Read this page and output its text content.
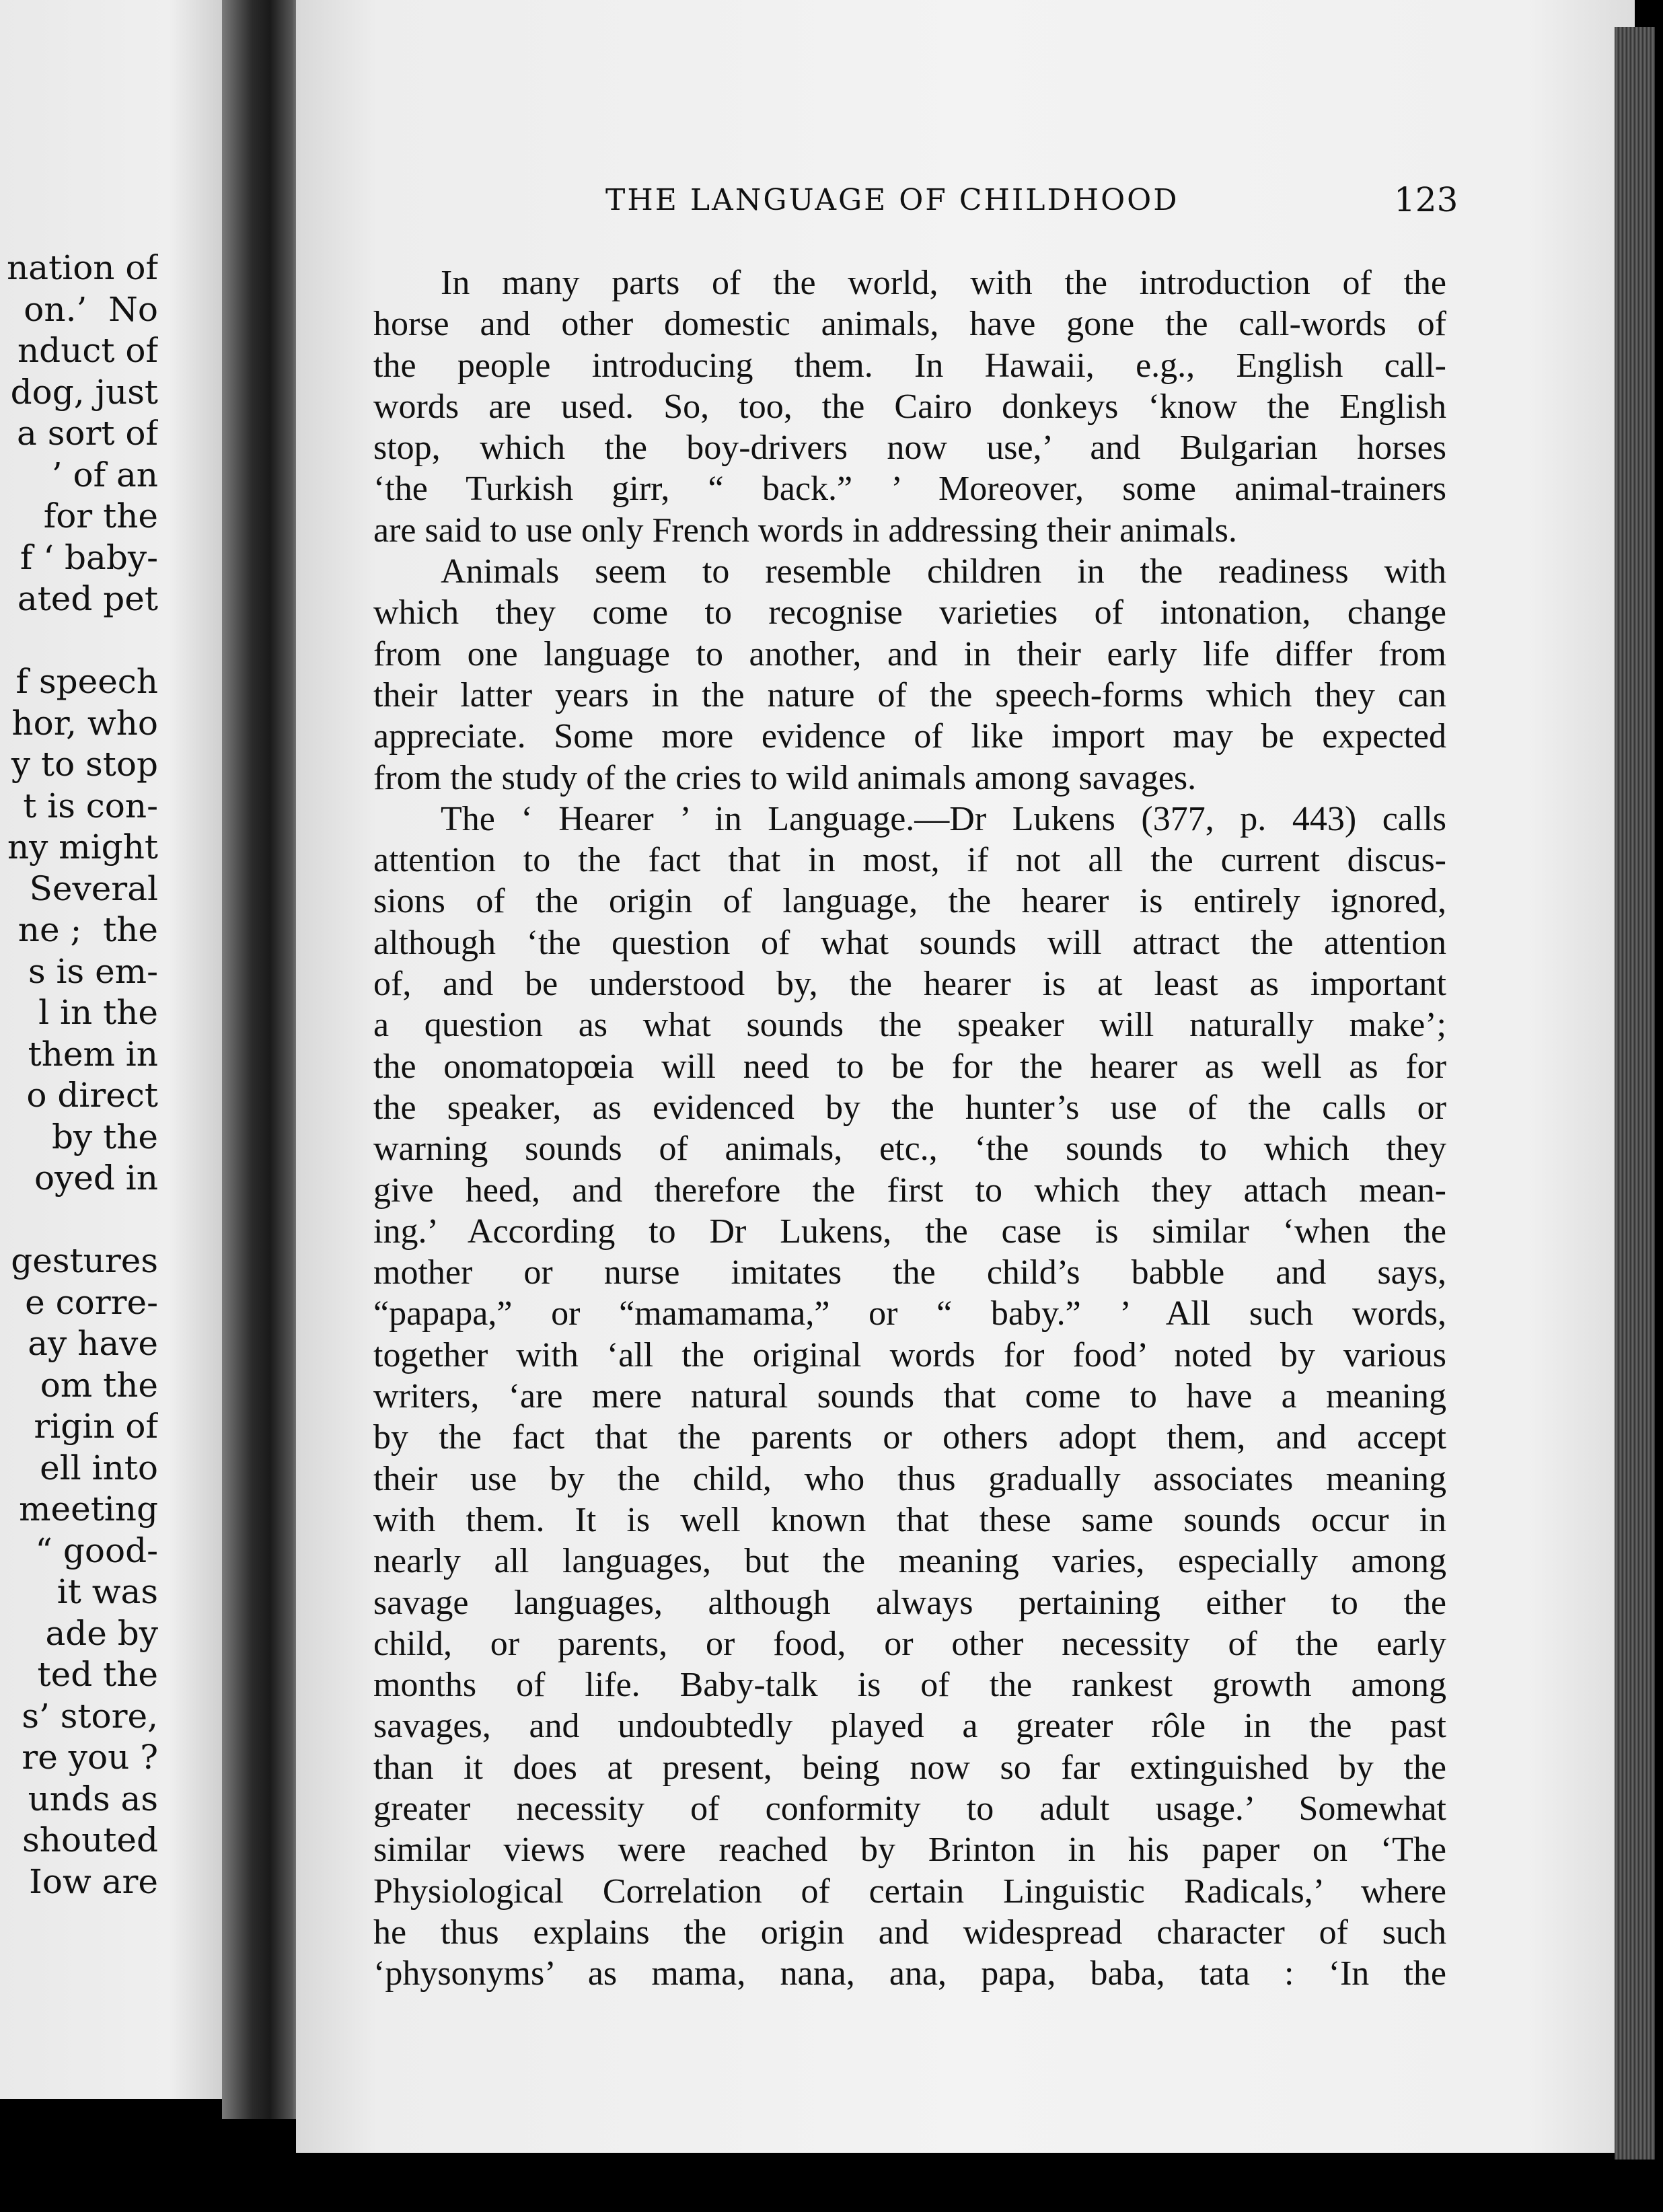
nation of
on.’  No
nduct of
dog, just
a sort of
’ of an
for the
f ‘ baby-
ated pet
f speech
hor, who
y to stop
t is con-
ny might
Several
ne ;  the
s is em-
l in the
them in
o direct
by the
oyed in
gestures
e corre-
ay have
om the
rigin of
ell into
meeting
“ good-
it was
ade by
ted the
s’ store,
re you ?
unds as
shouted
Iow are
THE LANGUAGE OF CHILDHOOD	123
In many parts of the world, with the introduction of the
horse and other domestic animals, have gone the call-words of
the people introducing them. In Hawaii, e.g., English call-
words are used. So, too, the Cairo donkeys ‘know the English
stop, which the boy-drivers now use,’ and Bulgarian horses
‘the Turkish girr, “ back.” ’ Moreover, some animal-trainers
are said to use only French words in addressing their animals.
Animals seem to resemble children in the readiness with
which they come to recognise varieties of intonation, change
from one language to another, and in their early life differ from
their latter years in the nature of the speech-forms which they can
appreciate. Some more evidence of like import may be expected
from the study of the cries to wild animals among savages.
The ‘ Hearer ’ in Language.—Dr Lukens (377, p. 443) calls
attention to the fact that in most, if not all the current discus-
sions of the origin of language, the hearer is entirely ignored,
although ‘the question of what sounds will attract the attention
of, and be understood by, the hearer is at least as important
a question as what sounds the speaker will naturally make’;
the onomatopœia will need to be for the hearer as well as for
the speaker, as evidenced by the hunter’s use of the calls or
warning sounds of animals, etc., ‘the sounds to which they
give heed, and therefore the first to which they attach mean-
ing.’ According to Dr Lukens, the case is similar ‘when the
mother or nurse imitates the child’s babble and says,
“papapa,” or “mamamama,” or “ baby.” ’ All such words,
together with ‘all the original words for food’ noted by various
writers, ‘are mere natural sounds that come to have a meaning
by the fact that the parents or others adopt them, and accept
their use by the child, who thus gradually associates meaning
with them. It is well known that these same sounds occur in
nearly all languages, but the meaning varies, especially among
savage languages, although always pertaining either to the
child, or parents, or food, or other necessity of the early
months of life. Baby-talk is of the rankest growth among
savages, and undoubtedly played a greater rôle in the past
than it does at present, being now so far extinguished by the
greater necessity of conformity to adult usage.’ Somewhat
similar views were reached by Brinton in his paper on ‘The
Physiological Correlation of certain Linguistic Radicals,’ where
he thus explains the origin and widespread character of such
‘physonyms’ as mama, nana, ana, papa, baba, tata : ‘In the
